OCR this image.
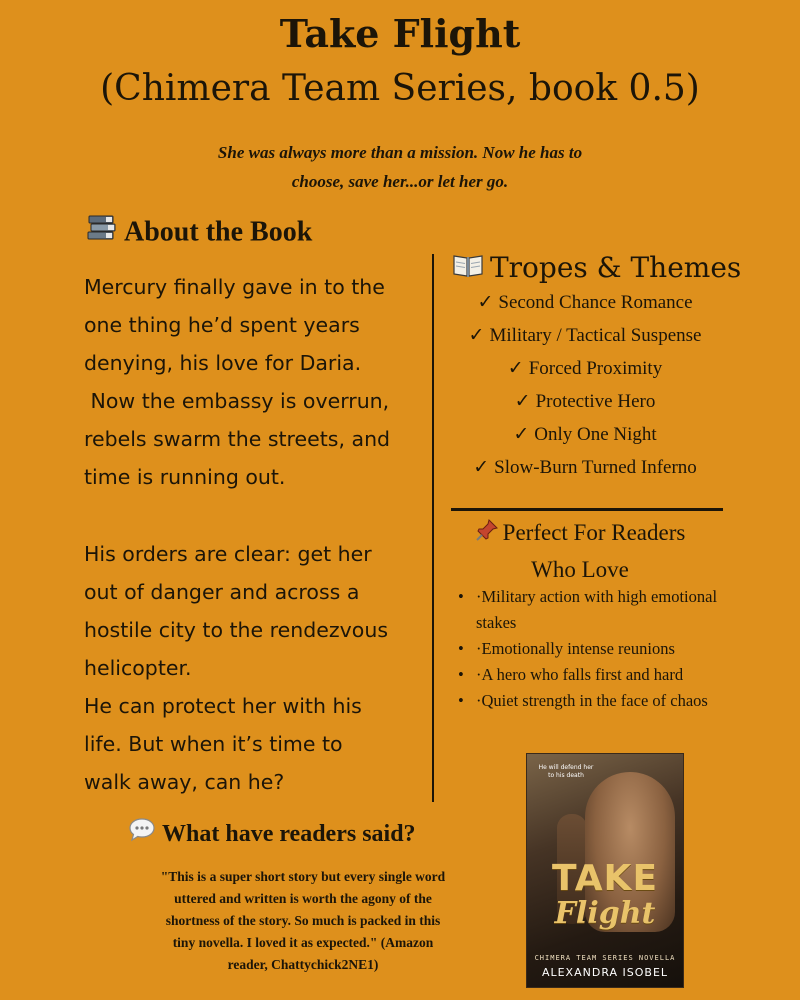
Take Flight
(Chimera Team Series, book 0.5)
She was always more than a mission. Now he has to
choose, save her...or let her go.
About the Book

Mercury finally gave in to the
one thing he’d spent years
denying, his love for Daria.
Now the embassy is overrun,
rebels swarm the streets, and
time is running out.

His orders are clear: get her
out of danger and across a
hostile city to the rendezvous
helicopter.
He can protect her with his
life. But when it’s time to
walk away, can he?

Tropes & Themes
✓ Second Chance Romance
✓ Military / Tactical Suspense
✓ Forced Proximity
✓ Protective Hero
✓ Only One Night
✓ Slow-Burn Turned Inferno
Perfect For Readers
Who Love
• ·Military action with high emotional stakes
• ·Emotionally intense reunions
• ·A hero who falls first and hard
• ·Quiet strength in the face of chaos
What have readers said?

"This is a super short story but every single word

uttered and written is worth the agony of the

shortness of the story. So much is packed in this

tiny novella. I loved it as expected." (Amazon

reader, Chattychick2NE1)

He will defend her
to his death
TAKE
Flight
CHIMERA TEAM SERIES NOVELLA
ALEXANDRA ISOBEL
